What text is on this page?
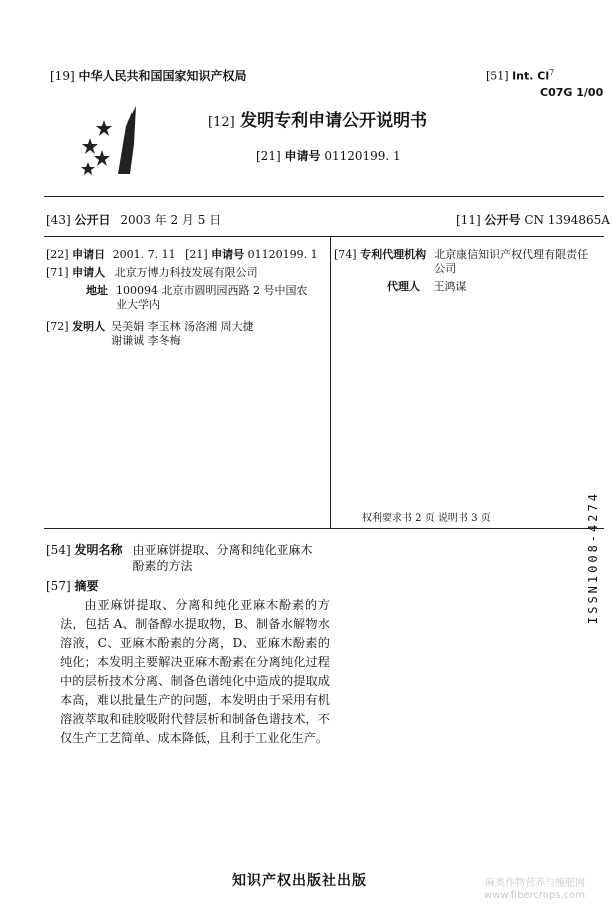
[19] 中华人民共和国国家知识产权局	[51] Int. Cl$^7$
C07G 1/00
[12] 发明专利申请公开说明书
[21] 申请号 01120199. 1
[43] 公开日 2003 年 2 月 5 日	[11] 公开号 CN 1394865A
[22] 申请日 2001. 7. 11 [21] 申请号 01120199. 1
[71] 申请人 北京万博力科技发展有限公司
地址 100094 北京市圆明园西路 2 号中国农
业大学内
[72] 发明人 吴美娟 李玉林 汤洛湘 周大捷
谢谦诚 李冬梅
[74] 专利代理机构 北京康信知识产权代理有限责任
公司
代理人 王鸿谋
权利要求书 2 页 说明书 3 页
[54] 发明名称 由亚麻饼提取、分离和纯化亚麻木
酚素的方法
[57] 摘要

由亚麻饼提取、分离和纯化亚麻木酚素的方法，包括 A、制备醇水提取物，B、制备水解物水溶液，C、亚麻木酚素的分离，D、亚麻木酚素的纯化；本发明主要解决亚麻木酚素在分离纯化过程中的层析技术分离、制备色谱纯化中造成的提取成本高，难以批量生产的问题，本发明由于采用有机溶液萃取和硅胶吸附代替层析和制备色谱技术，不仅生产工艺简单、成本降低，且利于工业化生产。

ISSN1008-4274
知识产权出版社出版	麻类作物营养与施肥网
www.fibercrops.com
